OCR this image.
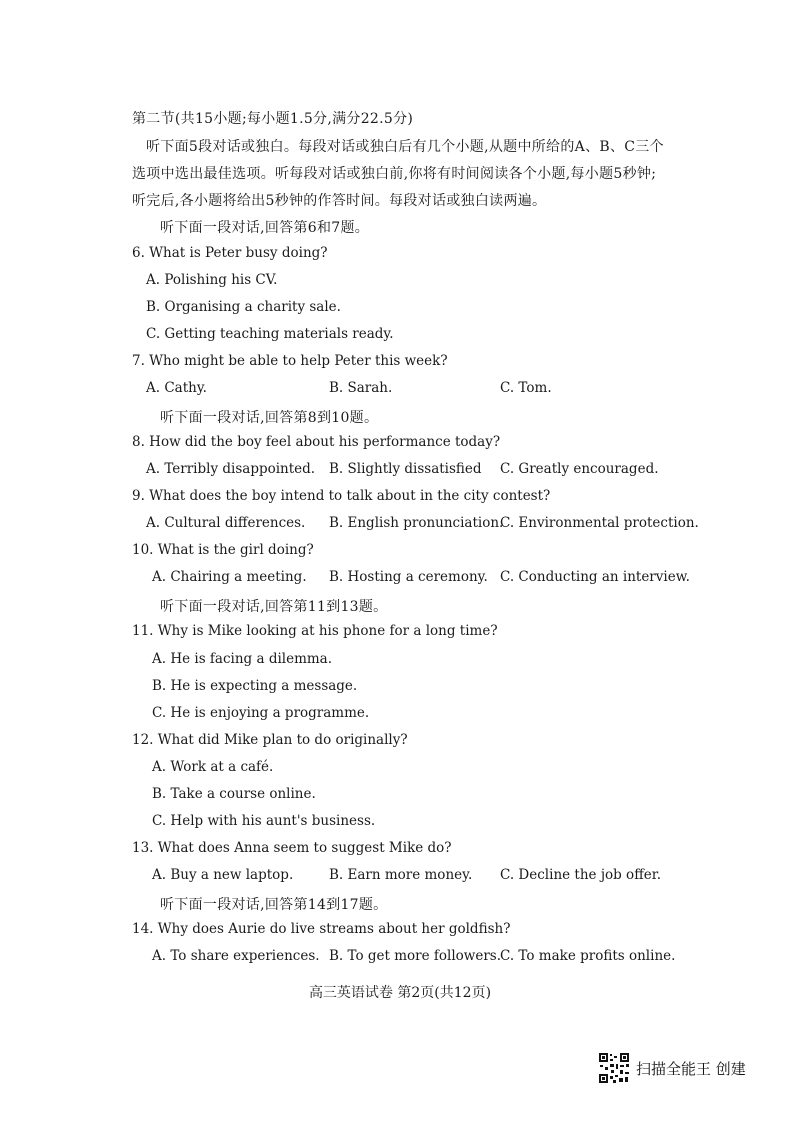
第二节(共15小题;每小题1.5分,满分22.5分)
听下面5段对话或独白。每段对话或独白后有几个小题,从题中所给的A、B、C三个
选项中选出最佳选项。听每段对话或独白前,你将有时间阅读各个小题,每小题5秒钟;
听完后,各小题将给出5秒钟的作答时间。每段对话或独白读两遍。
听下面一段对话,回答第6和7题。
6. What is Peter busy doing?
A. Polishing his CV.
B. Organising a charity sale.
C. Getting teaching materials ready.
7. Who might be able to help Peter this week?
A. Cathy.	B. Sarah.	C. Tom.
听下面一段对话,回答第8到10题。
8. How did the boy feel about his performance today?
A. Terribly disappointed. B. Slightly dissatisfied C. Greatly encouraged.
9. What does the boy intend to talk about in the city contest?
A. Cultural differences. B. English pronunciation.
C. Environmental protection.
10. What is the girl doing?
A. Chairing a meeting. B. Hosting a ceremony. C. Conducting an interview.
听下面一段对话,回答第11到13题。
11. Why is Mike looking at his phone for a long time?
A. He is facing a dilemma.
B. He is expecting a message.
C. He is enjoying a programme.
12. What did Mike plan to do originally?
A. Work at a café.
B. Take a course online.
C. Help with his aunt's business.
13. What does Anna seem to suggest Mike do?
A. Buy a new laptop.	B. Earn more money. C. Decline the job offer.
听下面一段对话,回答第14到17题。
14. Why does Aurie do live streams about her goldfish?
A. To share experiences. B. To get more followers. C. To make profits online.
高三英语试卷 第2页(共12页)
扫描全能王 创建
